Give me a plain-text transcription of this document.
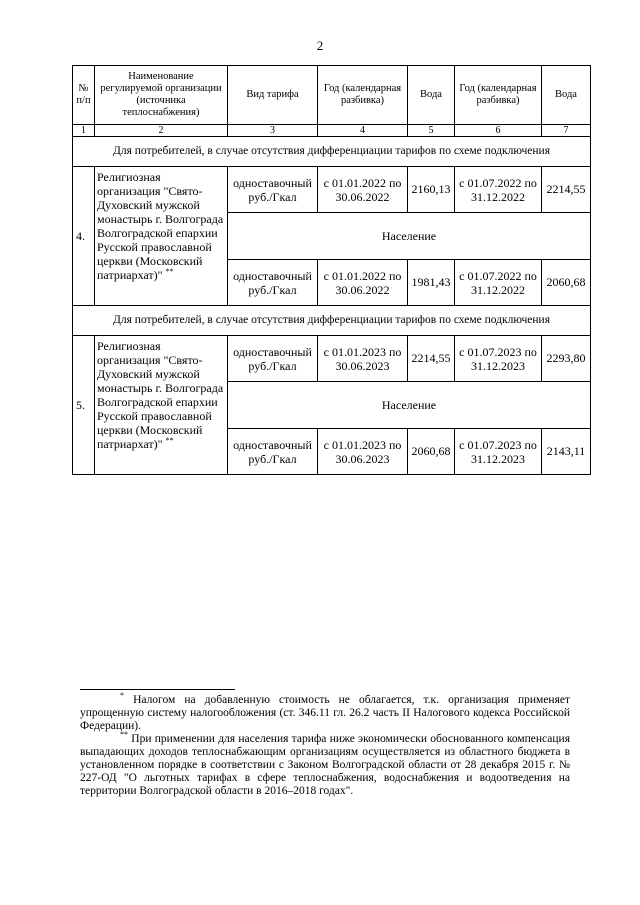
2
№ п/п	Наименование регулируемой организации (источника теплоснабжения)	Вид тарифа	Год (календарная разбивка)	Вода	Год (календарная разбивка)	Вода
1	2	3	4	5	6	7
Для потребителей, в случае отсутствия дифференциации тарифов по схеме подключения						
4.	Религиозная организация "Свято-Духовский мужской монастырь г. Волгограда Волгоградской епархии Русской православной церкви (Московский патриархат)" **	одноставочный руб./Гкал	с 01.01.2022 по 30.06.2022	2160,13	с 01.07.2022 по 31.12.2022	2214,55
		Население				
		одноставочный руб./Гкал	с 01.01.2022 по 30.06.2022	1981,43	с 01.07.2022 по 31.12.2022	2060,68
Для потребителей, в случае отсутствия дифференциации тарифов по схеме подключения						
5.	Религиозная организация "Свято-Духовский мужской монастырь г. Волгограда Волгоградской епархии Русской православной церкви (Московский патриархат)" **	одноставочный руб./Гкал	с 01.01.2023 по 30.06.2023	2214,55	с 01.07.2023 по 31.12.2023	2293,80
		Население				
		одноставочный руб./Гкал	с 01.01.2023 по 30.06.2023	2060,68	с 01.07.2023 по 31.12.2023	2143,11

* Налогом на добавленную стоимость не облагается, т.к. организация применяет упрощенную систему налогообложения (ст. 346.11 гл. 26.2 часть II Налогового кодекса Российской Федерации).

** При применении для населения тарифа ниже экономически обоснованного компенсация выпадающих доходов теплоснабжающим организациям осуществляется из областного бюджета в установленном порядке в соответствии с Законом Волгоградской области от 28 декабря 2015 г. № 227-ОД "О льготных тарифах в сфере теплоснабжения, водоснабжения и водоотведения на территории Волгоградской области в 2016–2018 годах".
